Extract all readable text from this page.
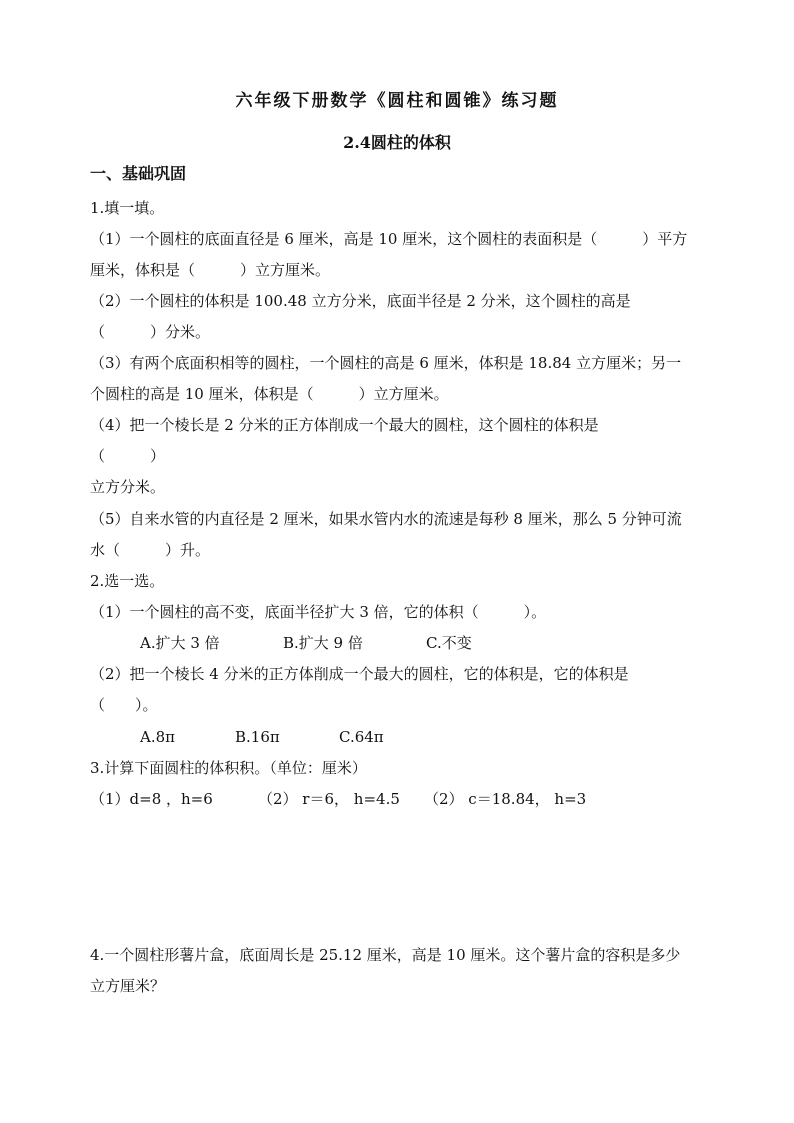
六年级下册数学《圆柱和圆锥》练习题
2.4圆柱的体积
一、基础巩固
1.填一填。
（1）一个圆柱的底面直径是 6 厘米，高是 10 厘米，这个圆柱的表面积是（　　　）平方
厘米，体积是（　　　）立方厘米。
（2）一个圆柱的体积是 100.48 立方分米，底面半径是 2 分米，这个圆柱的高是
（　　　）分米。
（3）有两个底面积相等的圆柱，一个圆柱的高是 6 厘米，体积是 18.84 立方厘米；另一
个圆柱的高是 10 厘米，体积是（　　　）立方厘米。
（4）把一个棱长是 2 分米的正方体削成一个最大的圆柱，这个圆柱的体积是
（　　　）
立方分米。
（5）自来水管的内直径是 2 厘米，如果水管内水的流速是每秒 8 厘米，那么 5 分钟可流
水（　　　）升。
2.选一选。
（1）一个圆柱的高不变，底面半径扩大 3 倍，它的体积（　　　）。
A.扩大 3 倍	B.扩大 9 倍	C.不变
（2）把一个棱长 4 分米的正方体削成一个最大的圆柱，它的体积是，它的体积是
（　　）。
A.8π	B.16π	C.64π
3.计算下面圆柱的体积积。（单位：厘米）
（1）d=8 ，h=6	（2） r＝6， h=4.5 （2） c＝18.84， h=3
4.一个圆柱形薯片盒，底面周长是 25.12 厘米，高是 10 厘米。这个薯片盒的容积是多少
立方厘米？
